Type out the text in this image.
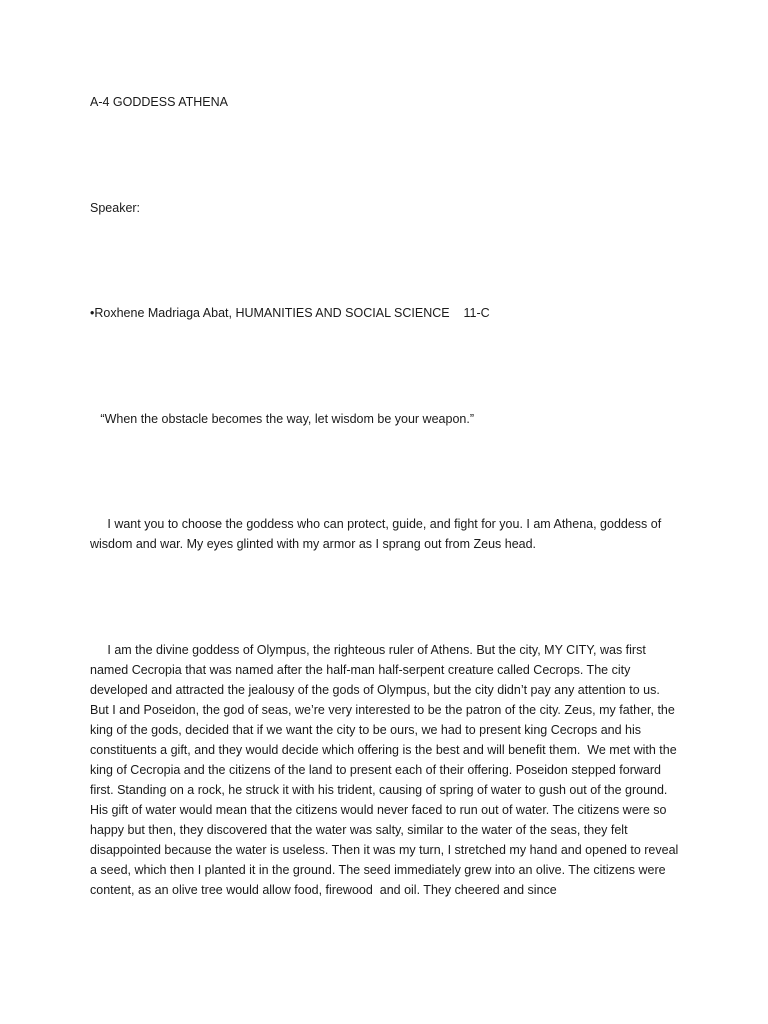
A-4 GODDESS ATHENA
Speaker:
•Roxhene Madriaga Abat, HUMANITIES AND SOCIAL SCIENCE    11-C
“When the obstacle becomes the way, let wisdom be your weapon.”

I want you to choose the goddess who can protect, guide, and fight for you. I am Athena, goddess of wisdom and war. My eyes glinted with my armor as I sprang out from Zeus head.

I am the divine goddess of Olympus, the righteous ruler of Athens. But the city, MY CITY, was first named Cecropia that was named after the half-man half-serpent creature called Cecrops. The city developed and attracted the jealousy of the gods of Olympus, but the city didn’t pay any attention to us. But I and Poseidon, the god of seas, we’re very interested to be the patron of the city. Zeus, my father, the king of the gods, decided that if we want the city to be ours, we had to present king Cecrops and his constituents a gift, and they would decide which offering is the best and will benefit them.  We met with the king of Cecropia and the citizens of the land to present each of their offering. Poseidon stepped forward first. Standing on a rock, he struck it with his trident, causing of spring of water to gush out of the ground. His gift of water would mean that the citizens would never faced to run out of water. The citizens were so happy but then, they discovered that the water was salty, similar to the water of the seas, they felt disappointed because the water is useless. Then it was my turn, I stretched my hand and opened to reveal a seed, which then I planted it in the ground. The seed immediately grew into an olive. The citizens were content, as an olive tree would allow food, firewood  and oil. They cheered and since
